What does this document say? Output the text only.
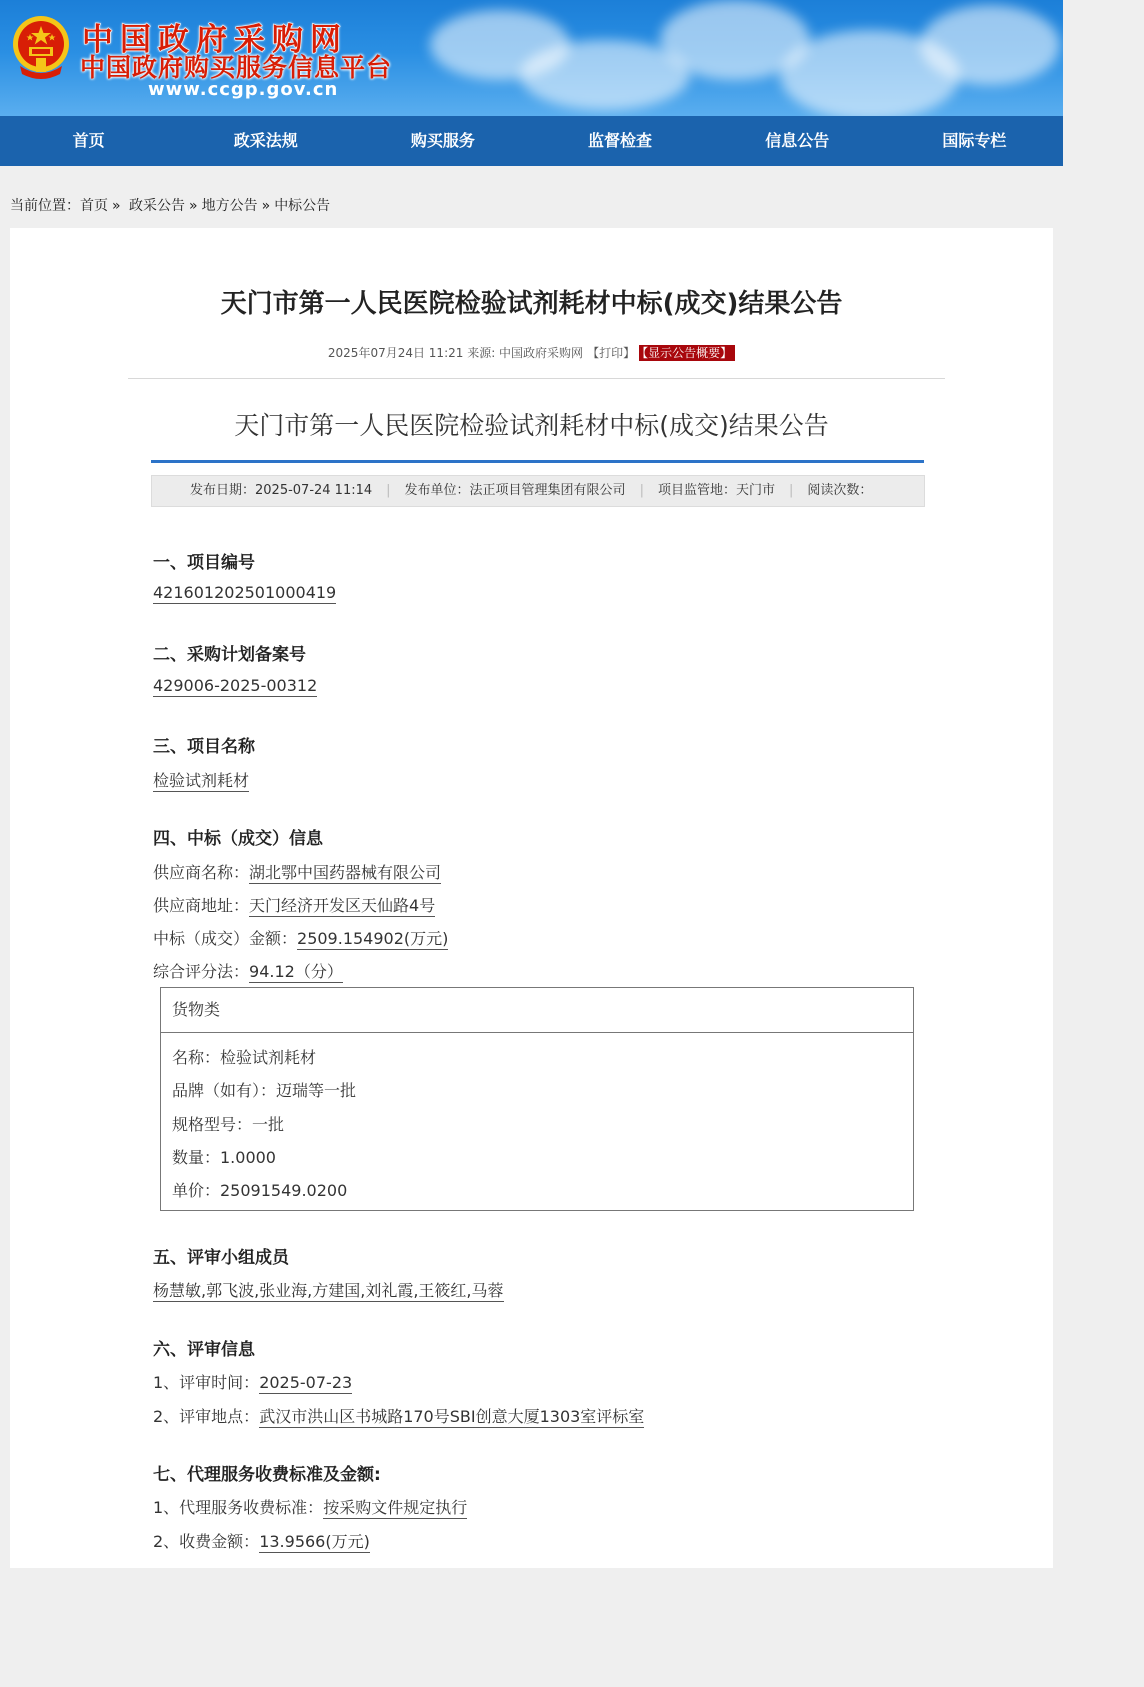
中国政府采购网
中国政府购买服务信息平台
www.ccgp.gov.cn
首页	政采法规	购买服务	监督检查	信息公告	国际专栏
当前位置：首页 » 政采公告 » 地方公告 » 中标公告
天门市第一人民医院检验试剂耗材中标(成交)结果公告
2025年07月24日 11:21 来源: 中国政府采购网 【打印】 【显示公告概要】
天门市第一人民医院检验试剂耗材中标(成交)结果公告
发布日期：2025-07-24 11:14 | 发布单位：法正项目管理集团有限公司 | 项目监管地：天门市 | 阅读次数：
一、项目编号
421601202501000419
二、采购计划备案号
429006-2025-00312
三、项目名称
检验试剂耗材
四、中标（成交）信息
供应商名称：湖北鄂中国药器械有限公司
供应商地址：天门经济开发区天仙路4号
中标（成交）金额：2509.154902(万元)
综合评分法：94.12（分）
货物类
名称：检验试剂耗材
品牌（如有）：迈瑞等一批
规格型号：一批
数量：1.0000
单价：25091549.0200
五、评审小组成员
杨慧敏,郭飞波,张业海,方建国,刘礼霞,王筱红,马蓉
六、评审信息
1、评审时间：2025-07-23
2、评审地点：武汉市洪山区书城路170号SBI创意大厦1303室评标室
七、代理服务收费标准及金额:
1、代理服务收费标准：按采购文件规定执行
2、收费金额：13.9566(万元)
